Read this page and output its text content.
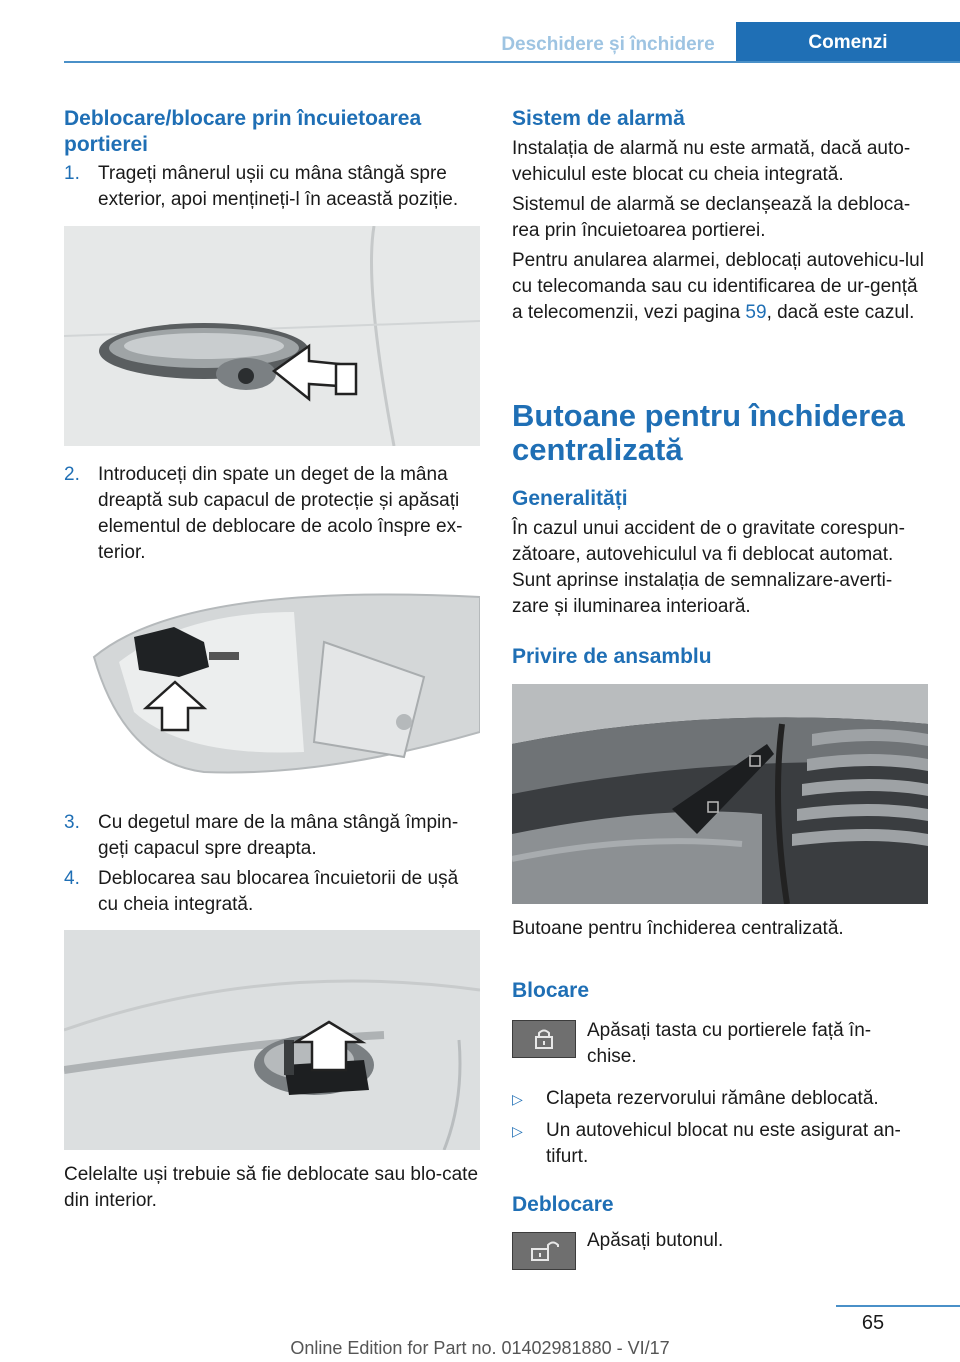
Deschidere și închidere	Comenzi
Deblocare/blocare prin încuietoarea portierei
1. Trageți mânerul ușii cu mâna stângă spre exterior, apoi mențineți-l în această poziție.
2. Introduceți din spate un deget de la mâna dreaptă sub capacul de protecție și apăsați elementul de deblocare de acolo înspre ex-terior.
3. Cu degetul mare de la mâna stângă împin-geți capacul spre dreapta.
4. Deblocarea sau blocarea încuietorii de ușă cu cheia integrată.
Celelalte uși trebuie să fie deblocate sau blo-cate din interior.
Sistem de alarmă
Instalația de alarmă nu este armată, dacă auto-vehiculul este blocat cu cheia integrată.
Sistemul de alarmă se declanșează la debloca-rea prin încuietoarea portierei.
Pentru anularea alarmei, deblocați autovehicu-lul cu telecomanda sau cu identificarea de ur-gență a telecomenzii, vezi pagina 59, dacă este cazul.
Butoane pentru închiderea centralizată
Generalități
În cazul unui accident de o gravitate corespun-zătoare, autovehiculul va fi deblocat automat. Sunt aprinse instalația de semnalizare-averti-zare și iluminarea interioară.
Privire de ansamblu
Butoane pentru închiderea centralizată.
Blocare
Apăsați tasta cu portierele față în-chise.
▷ Clapeta rezervorului rămâne deblocată.
▷ Un autovehicul blocat nu este asigurat an-tifurt.
Deblocare
Apăsați butonul.
65
Online Edition for Part no. 01402981880 - VI/17
